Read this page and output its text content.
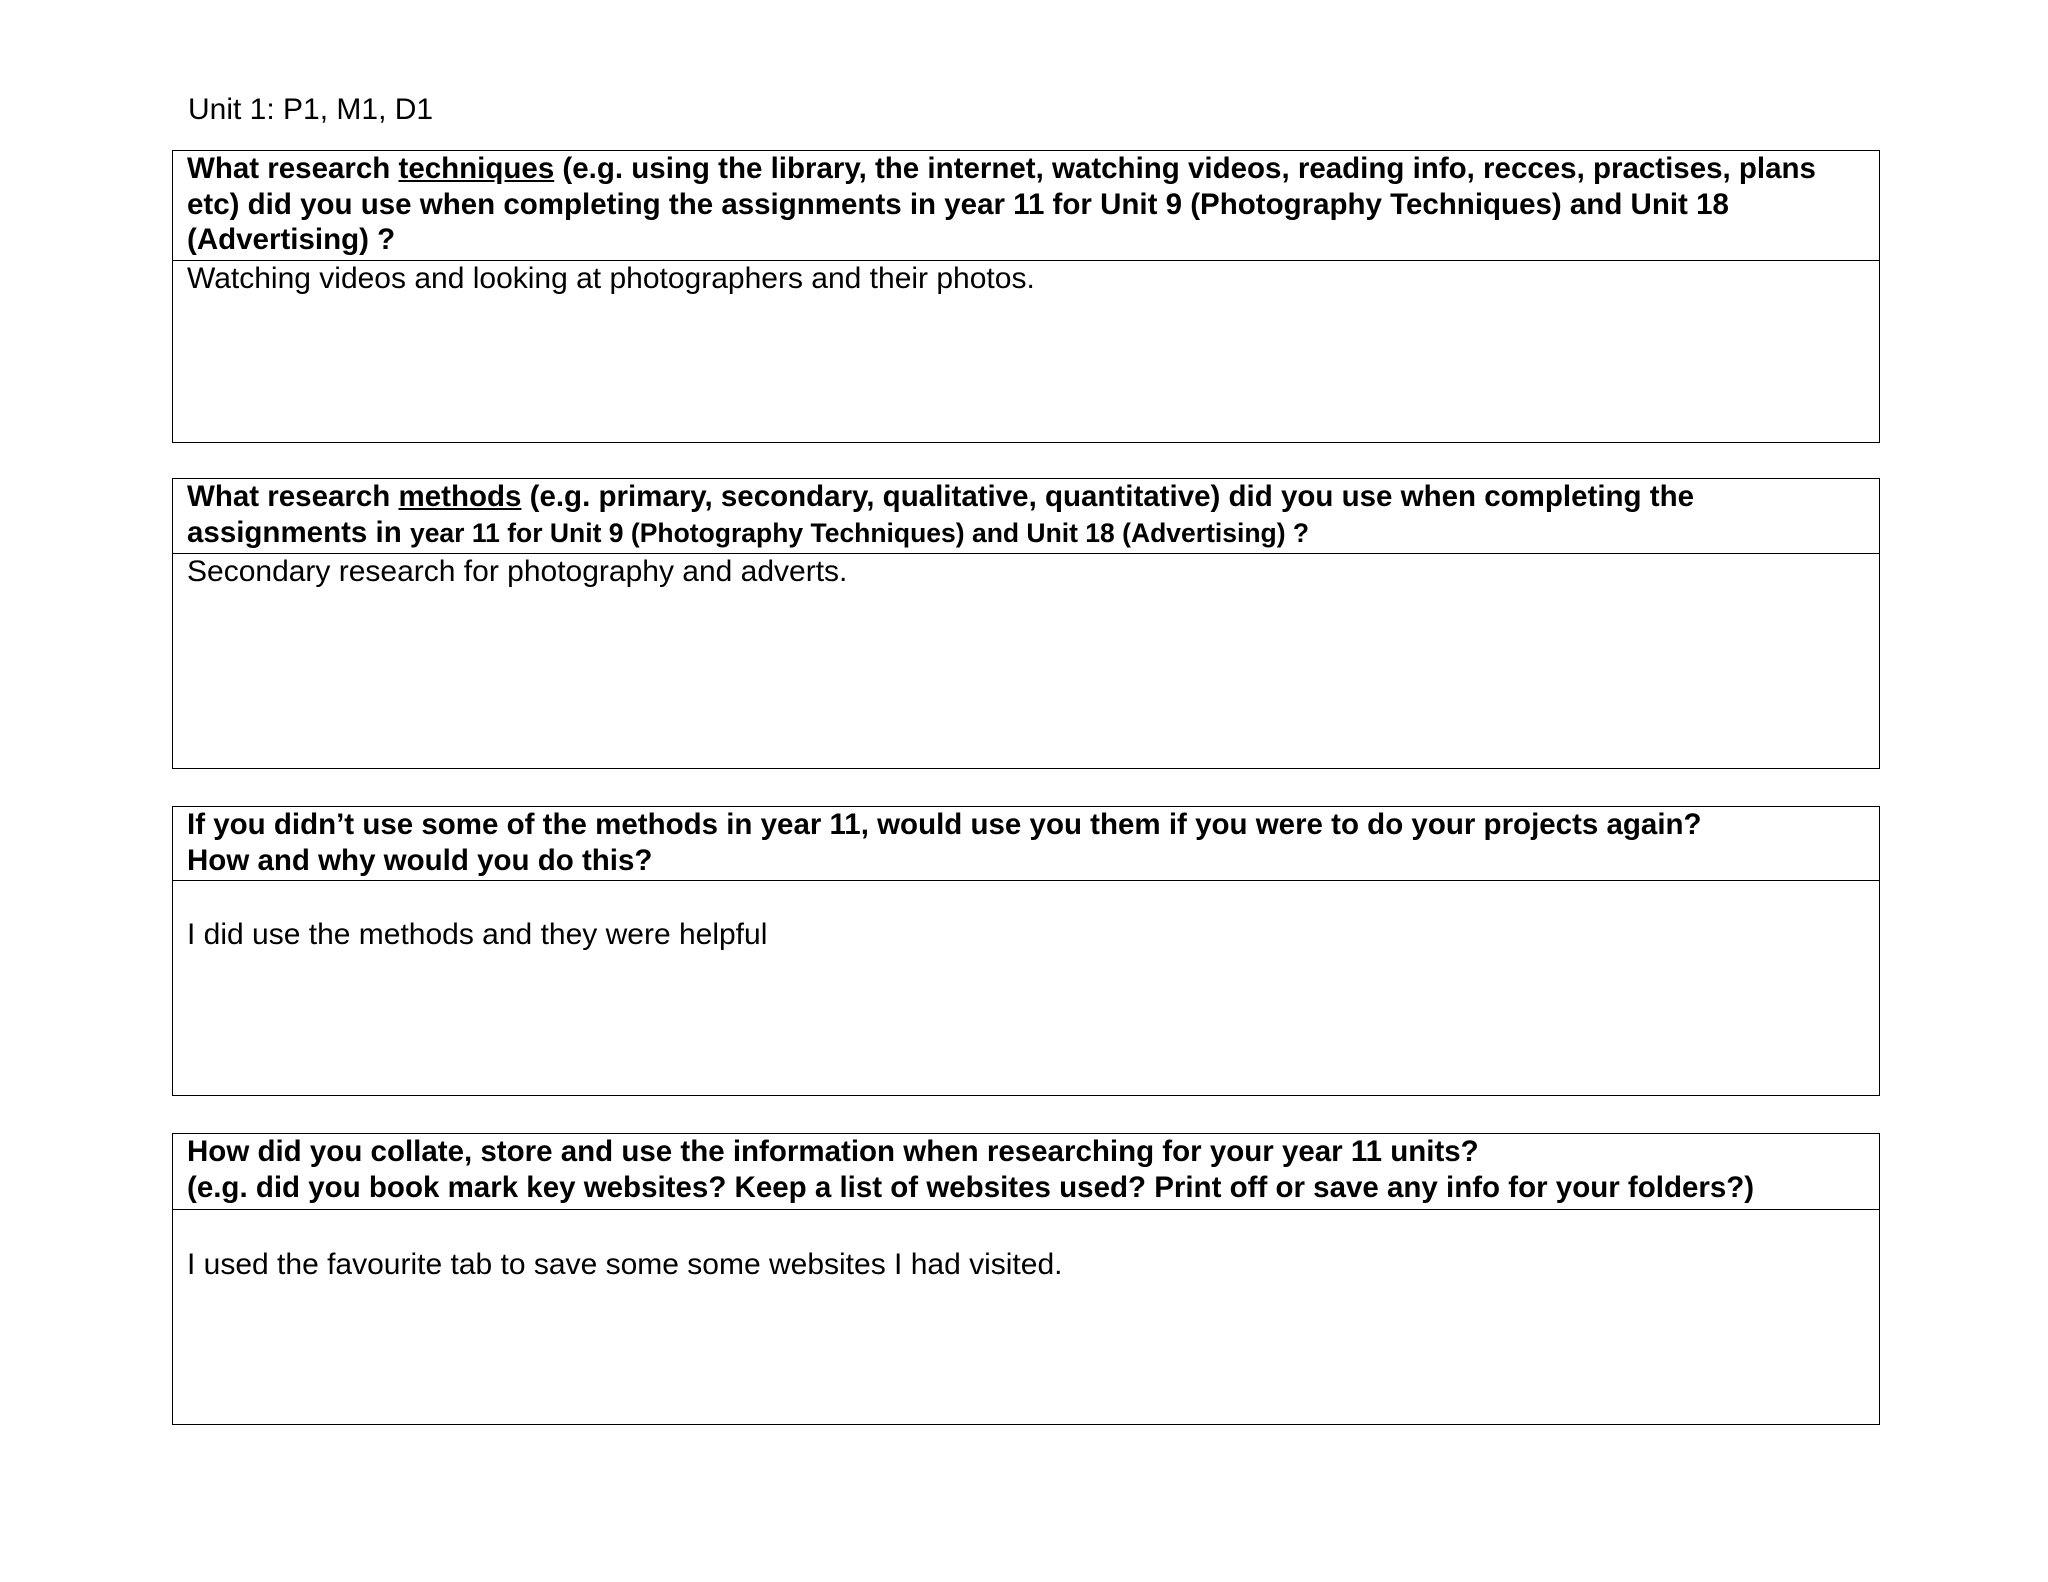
Unit 1: P1, M1, D1
What research techniques (e.g. using the library, the internet, watching videos, reading info, recces, practises, plans etc) did you use when completing the assignments in year 11 for Unit 9 (Photography Techniques) and Unit 18 (Advertising) ?
Watching videos and looking at photographers and their photos.
What research methods (e.g. primary, secondary, qualitative, quantitative) did you use when completing the assignments in year 11 for Unit 9 (Photography Techniques) and Unit 18 (Advertising) ?
Secondary research for photography and adverts.
If you didn’t use some of the methods in year 11, would use you them if you were to do your projects again?
How and why would you do this?
I did use the methods and they were helpful
How did you collate, store and use the information when researching for your year 11 units?
(e.g. did you book mark key websites? Keep a list of websites used? Print off or save any info for your folders?)
I used the favourite tab to save some some websites I had visited.
